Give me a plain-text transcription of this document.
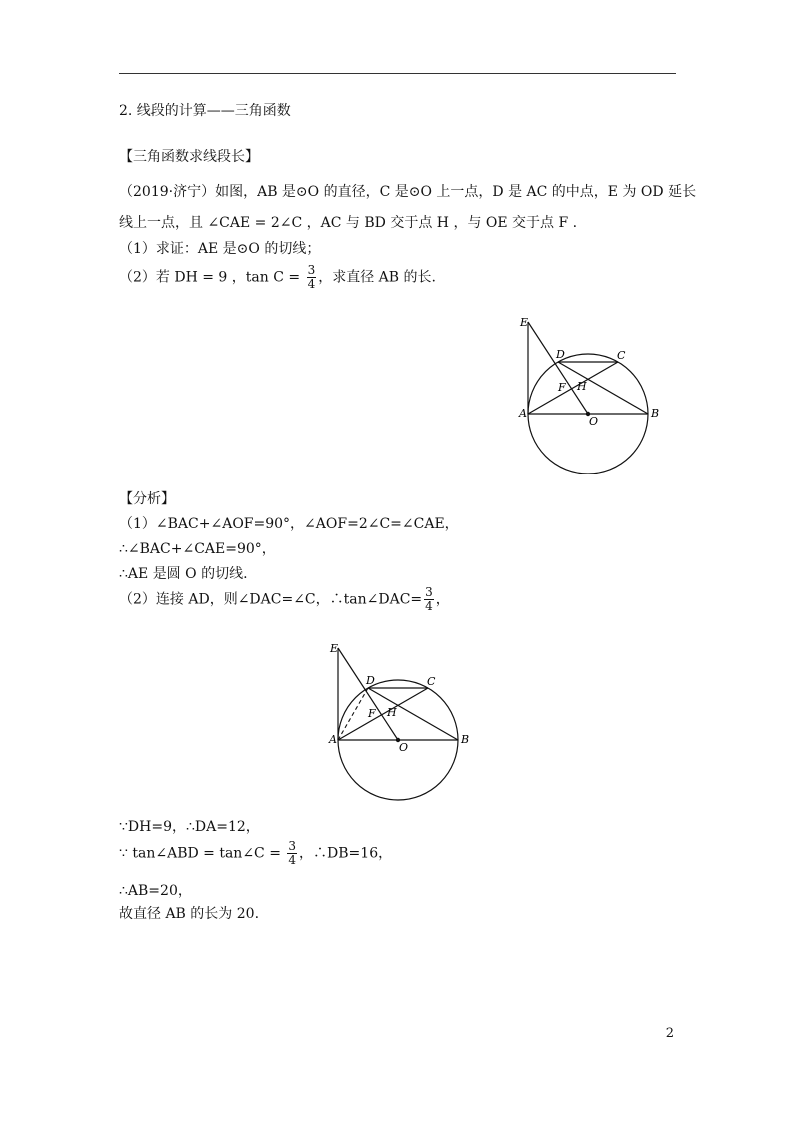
2. 线段的计算——三角函数
【三角函数求线段长】
（2019·济宁）如图，AB 是⊙O 的直径，C 是⊙O 上一点，D 是 AC 的中点，E 为 OD 延长
线上一点，且 ∠CAE = 2∠C ，AC 与 BD 交于点 H ，与 OE 交于点 F .
（1）求证：AE 是⊙O 的切线；
（2）若 DH = 9 ，$\tan C = \frac{3}{4}$ ，求直径 AB 的长.
E
D	C
F H
A
O
B
【分析】
（1）∠BAC+∠AOF=90°，∠AOF=2∠C=∠CAE，
∴∠BAC+∠CAE=90°，
∴AE 是圆 O 的切线.
（2）连接 AD，则∠DAC=∠C，∴tan∠DAC= $\frac{3}{4}$ ，
E
D	C
F H
A
O
B
∵DH=9，∴DA=12，
∵ tan∠ABD = tan∠C = $\frac{3}{4}$ ，∴DB=16，
∴AB=20，
故直径 AB 的长为 20.
2
